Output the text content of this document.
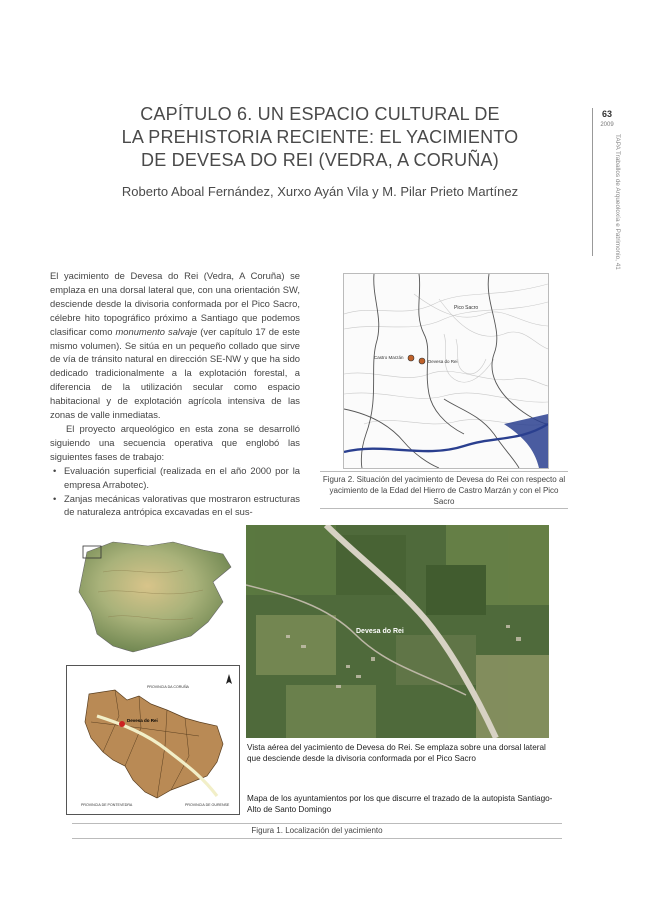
63
2009
TAPA Traballos de Arqueoloxía e Patrimonio, 41
CAPÍTULO 6. UN ESPACIO CULTURAL DE
LA PREHISTORIA RECIENTE: EL YACIMIENTO
DE DEVESA DO REI (VEDRA, A CORUÑA)
Roberto Aboal Fernández, Xurxo Ayán Vila y M. Pilar Prieto Martínez

El yacimiento de Devesa do Rei (Vedra, A Coruña) se emplaza en una dorsal lateral que, con una orientación SW, desciende desde la divisoria conformada por el Pico Sacro, célebre hito topográfico próximo a Santiago que podemos clasificar como monumento salvaje (ver capítulo 17 de este mismo volumen). Se sitúa en un pequeño collado que sirve de vía de tránsito natural en dirección SE-NW y que ha sido dedicado tradicionalmente a la explotación forestal, a diferencia de la utilización secular como espacio habitacional y de explotación agrícola intensiva de las zonas de valle inmediatas.

El proyecto arqueológico en esta zona se desarrolló siguiendo una secuencia operativa que englobó las siguientes fases de trabajo:

• Evaluación superficial (realizada en el año 2000 por la empresa Arrabotec).
• Zanjas mecánicas valorativas que mostraron estructuras de naturaleza antrópica excavadas en el sus-
Pico Sacro
Castro Marzán
Devesa do Rei
Figura 2. Situación del yacimiento de Devesa do Rei con respecto al yacimiento de la Edad del Hierro de Castro Marzán y con el Pico Sacro
Devesa do Rei
Devesa do Rei
PROVINCIA DA CORUÑA
PROVINCIA DE PONTEVEDRA	PROVINCIA DE OURENSE
Vista aérea del yacimiento de Devesa do Rei. Se emplaza sobre una dorsal lateral que desciende desde la divisoria conformada por el Pico Sacro
Mapa de los ayuntamientos por los que discurre el trazado de la autopista Santiago-Alto de Santo Domingo
Figura 1. Localización del yacimiento
